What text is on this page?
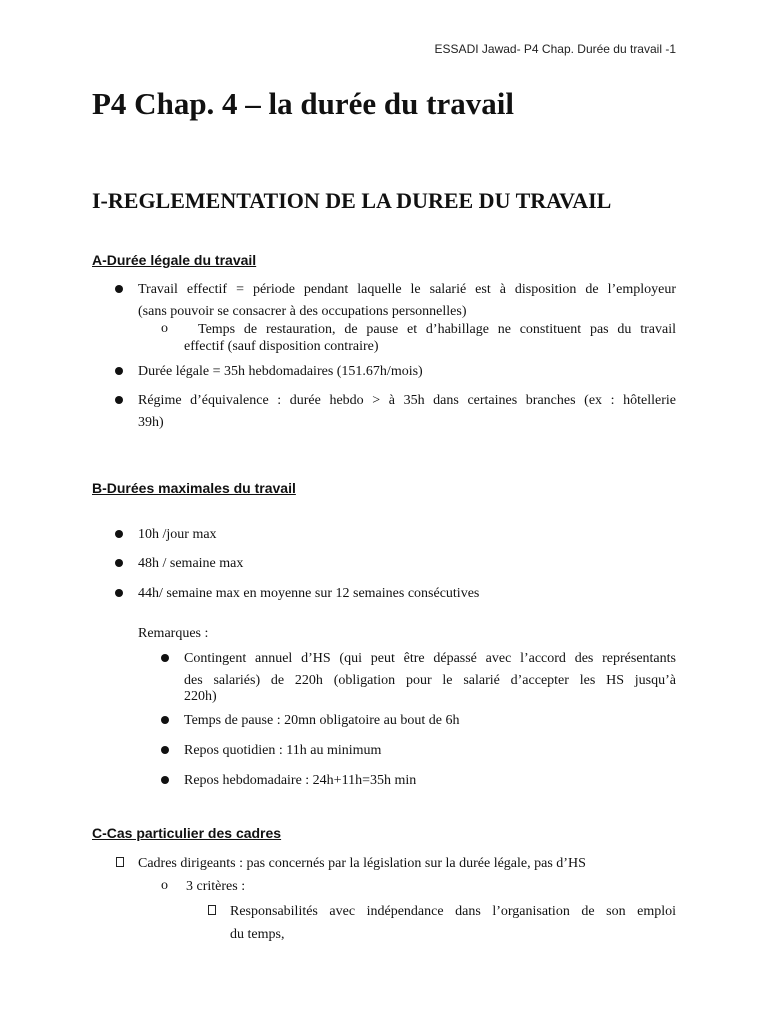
ESSADI Jawad- P4 Chap. Durée du travail -1
P4 Chap. 4 – la durée du travail
I-REGLEMENTATION DE LA DUREE DU TRAVAIL
A-Durée légale du travail
Travail effectif = période pendant laquelle le salarié est à disposition de l’employeur
(sans pouvoir se consacrer à des occupations personnelles)
o Temps de restauration, de pause et d’habillage ne constituent pas du travail
effectif (sauf disposition contraire)
Durée légale = 35h hebdomadaires (151.67h/mois)
Régime d’équivalence : durée hebdo > à 35h dans certaines branches (ex : hôtellerie
39h)
B-Durées maximales du travail
10h /jour max
48h / semaine max
44h/ semaine max en moyenne sur 12 semaines consécutives
Remarques :
Contingent annuel d’HS (qui peut être dépassé avec l’accord des représentants
des salariés) de 220h (obligation pour le salarié d’accepter les HS jusqu’à
220h)
Temps de pause : 20mn obligatoire au bout de 6h
Repos quotidien : 11h au minimum
Repos hebdomadaire : 24h+11h=35h min
C-Cas particulier des cadres
Cadres dirigeants : pas concernés par la législation sur la durée légale, pas d’HS
o 3 critères :
Responsabilités avec indépendance dans l’organisation de son emploi
du temps,
